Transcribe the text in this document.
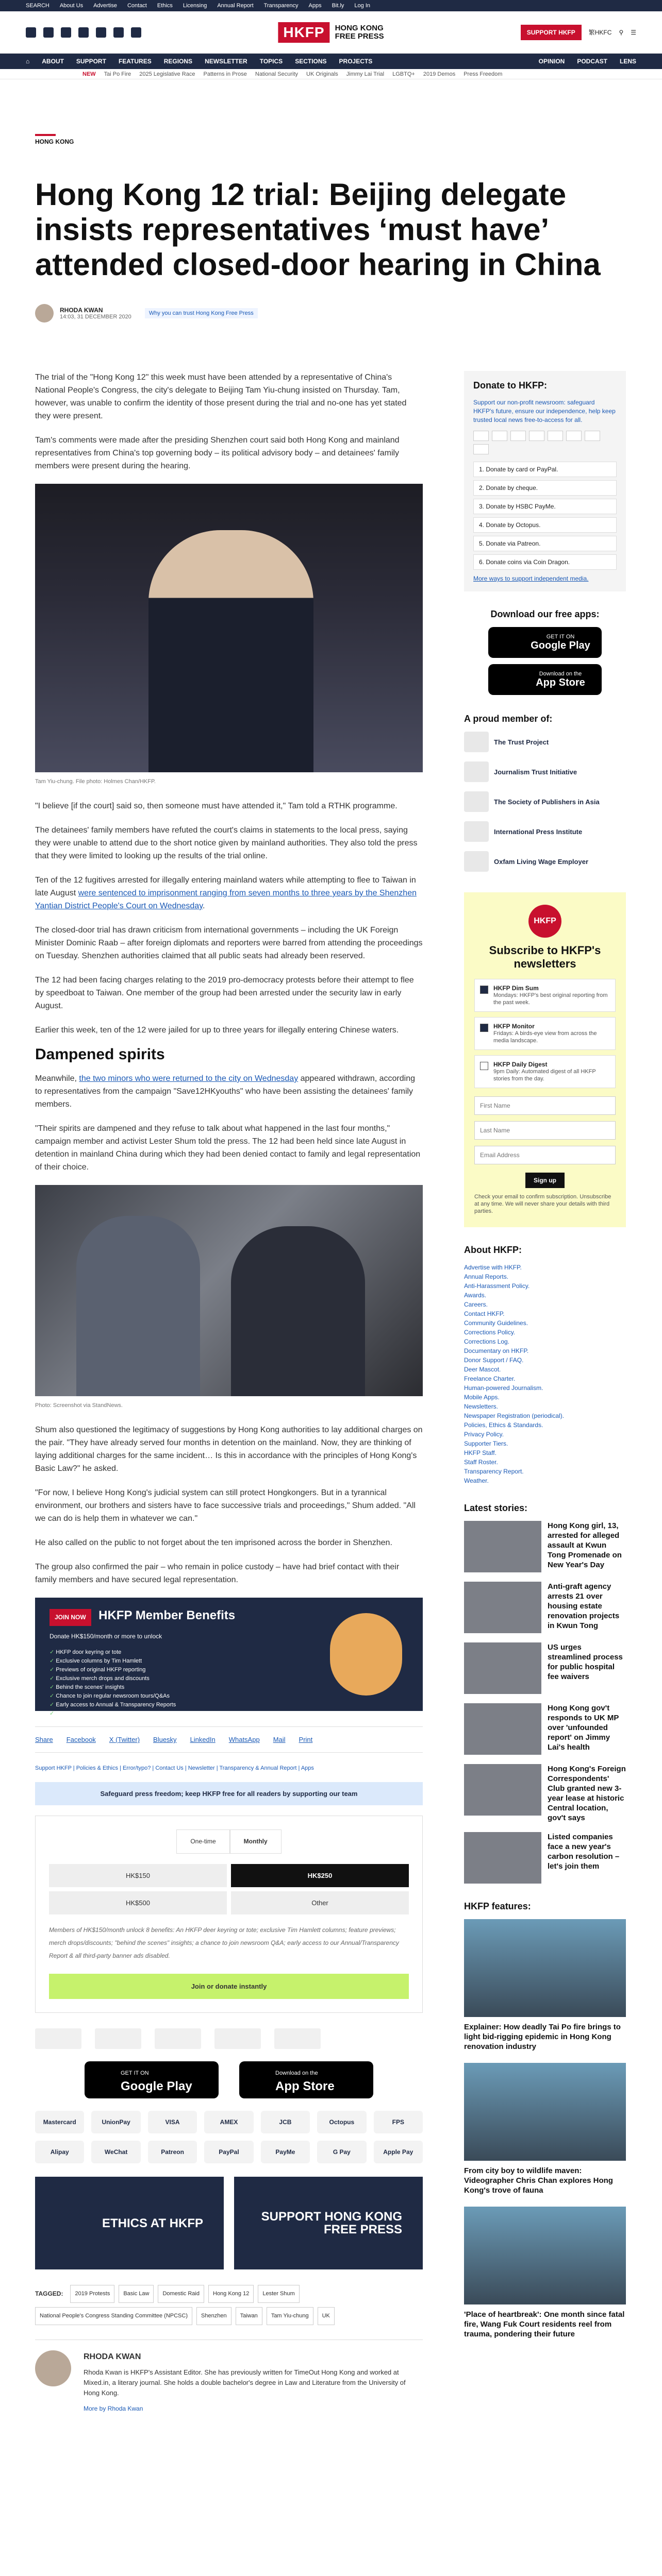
SEARCH About Us Advertise Contact Ethics Licensing Annual Report Transparency Apps Bit.ly Log In
HKFP	HONG KONG
FREE PRESS	SUPPORT HKFP	繁HKFC ⚲ ☰
⌂ ABOUT SUPPORT FEATURES REGIONS NEWSLETTER TOPICS SECTIONS PROJECTS	OPINION PODCAST LENS
NEW Tai Po Fire 2025 Legislative Race Patterns in Prose National Security UK Originals Jimmy Lai Trial LGBTQ+ 2019 Demos Press Freedom
HONG KONG
Hong Kong 12 trial: Beijing delegate insists representatives ‘must have’ attended closed-door hearing in China
RHODA KWAN
14:03, 31 DECEMBER 2020
Why you can trust Hong Kong Free Press

The trial of the "Hong Kong 12" this week must have been attended by a representative of China's National People's Congress, the city's delegate to Beijing Tam Yiu-chung insisted on Thursday. Tam, however, was unable to confirm the identity of those present during the trial and no-one has yet stated they were present.

Tam's comments were made after the presiding Shenzhen court said both Hong Kong and mainland representatives from China's top governing body – its political advisory body – and detainees' family members were present during the hearing.

Tam Yiu-chung. File photo: Holmes Chan/HKFP.

"I believe [if the court] said so, then someone must have attended it," Tam told a RTHK programme.

The detainees' family members have refuted the court's claims in statements to the local press, saying they were unable to attend due to the short notice given by mainland authorities. They also told the press that they were limited to looking up the results of the trial online.

Ten of the 12 fugitives arrested for illegally entering mainland waters while attempting to flee to Taiwan in late August were sentenced to imprisonment ranging from seven months to three years by the Shenzhen Yantian District People's Court on Wednesday.

The closed-door trial has drawn criticism from international governments – including the UK Foreign Minister Dominic Raab – after foreign diplomats and reporters were barred from attending the proceedings on Tuesday. Shenzhen authorities claimed that all public seats had already been reserved.

The 12 had been facing charges relating to the 2019 pro-democracy protests before their attempt to flee by speedboat to Taiwan. One member of the group had been arrested under the security law in early August.

Earlier this week, ten of the 12 were jailed for up to three years for illegally entering Chinese waters.

Dampened spirits

Meanwhile, the two minors who were returned to the city on Wednesday appeared withdrawn, according to representatives from the campaign "Save12HKyouths" who have been assisting the detainees' family members.

"Their spirits are dampened and they refuse to talk about what happened in the last four months," campaign member and activist Lester Shum told the press. The 12 had been held since late August in detention in mainland China during which they had been denied contact to family and legal representation of their choice.

Photo: Screenshot via StandNews.

Shum also questioned the legitimacy of suggestions by Hong Kong authorities to lay additional charges on the pair. "They have already served four months in detention on the mainland. Now, they are thinking of laying additional charges for the same incident… Is this in accordance with the principles of Hong Kong's Basic Law?" he asked.

"For now, I believe Hong Kong's judicial system can still protect Hongkongers. But in a tyrannical environment, our brothers and sisters have to face successive trials and proceedings," Shum added. "All we can do is help them in whatever we can."

He also called on the public to not forget about the ten imprisoned across the border in Shenzhen.

The group also confirmed the pair – who remain in police custody – have had brief contact with their family members and have secured legal representation.

JOIN NOW HKFP Member Benefits
Donate HK$150/month or more to unlock
✓ HKFP door keyring or tote
✓ Exclusive columns by Tim Hamlett
✓ Previews of original HKFP reporting
✓ Exclusive merch drops and discounts
✓ Behind the scenes' insights
✓ Chance to join regular newsroom tours/Q&As
✓ Early access to Annual & Transparency Reports
✓ All third party banner ads disabled
Share Facebook X (Twitter) Bluesky LinkedIn WhatsApp Mail Print
Support HKFP | Policies & Ethics | Error/typo? | Contact Us | Newsletter | Transparency & Annual Report | Apps
Safeguard press freedom; keep HKFP free for all readers by supporting our team
One-time	Monthly
HK$150	HK$250
HK$500	Other

Members of HK$150/month unlock 8 benefits: An HKFP deer keyring or tote; exclusive Tim Hamlett columns; feature previews; merch drops/discounts; "behind the scenes" insights; a chance to join newsroom Q&A; early access to our Annual/Transparency Report & all third-party banner ads disabled.

Join or donate instantly
GET IT ON
Google Play
Download on the
App Store
Mastercard	UnionPay	VISA	AMEX	JCB	Octopus	FPS
Alipay	WeChat	Patreon	PayPal	PayMe	G Pay	Apple Pay
ETHICS AT HKFP	SUPPORT HONG KONG FREE PRESS
TAGGED:	2019 Protests	Basic Law	Domestic Raid	Hong Kong 12	Lester Shum
National People's Congress Standing Committee (NPCSC)	Shenzhen	Taiwan	Tam Yiu-chung	UK
RHODA KWAN
Rhoda Kwan is HKFP's Assistant Editor. She has previously written for TimeOut Hong Kong and worked at Mixed.in, a literary journal. She holds a double bachelor's degree in Law and Literature from the University of Hong Kong.
More by Rhoda Kwan
Donate to HKFP:

Support our non-profit newsroom: safeguard HKFP's future, ensure our independence, help keep trusted local news free-to-access for all.

1. Donate by card or PayPal.
2. Donate by cheque.
3. Donate by HSBC PayMe.
4. Donate by Octopus.
5. Donate via Patreon.
6. Donate coins via Coin Dragon.
More ways to support independent media.
Download our free apps:
GET IT ON
Google Play
Download on the
App Store
A proud member of:
The Trust Project
Journalism Trust Initiative
The Society of Publishers in Asia
International Press Institute
Oxfam Living Wage Employer
HKFP
Subscribe to HKFP's newsletters
HKFP Dim Sum
Mondays: HKFP's best original reporting from the past week.
HKFP Monitor
Fridays: A birds-eye view from across the media landscape.
HKFP Daily Digest
9pm Daily: Automated digest of all HKFP stories from the day.
First Name Last Name Email Address Sign up
Check your email to confirm subscription. Unsubscribe at any time. We will never share your details with third parties.
About HKFP:
Advertise with HKFP.
Annual Reports.
Anti-Harassment Policy.
Awards.
Careers.
Contact HKFP.
Community Guidelines.
Corrections Policy.
Corrections Log.
Documentary on HKFP.
Donor Support / FAQ.
Deer Mascot.
Freelance Charter.
Human-powered Journalism.
Mobile Apps.
Newsletters.
Newspaper Registration (periodical).
Policies, Ethics & Standards.
Privacy Policy.
Supporter Tiers.
HKFP Staff.
Staff Roster.
Transparency Report.
Weather.
Latest stories:
Hong Kong girl, 13, arrested for alleged assault at Kwun Tong Promenade on New Year's Day
Anti-graft agency arrests 21 over housing estate renovation projects in Kwun Tong
US urges streamlined process for public hospital fee waivers
Hong Kong gov't responds to UK MP over 'unfounded report' on Jimmy Lai's health
Hong Kong's Foreign Correspondents' Club granted new 3-year lease at historic Central location, gov't says
Listed companies face a new year's carbon resolution – let's join them
HKFP features:
Explainer: How deadly Tai Po fire brings to light bid-rigging epidemic in Hong Kong renovation industry
From city boy to wildlife maven: Videographer Chris Chan explores Hong Kong's trove of fauna
'Place of heartbreak': One month since fatal fire, Wang Fuk Court residents reel from trauma, pondering their future
